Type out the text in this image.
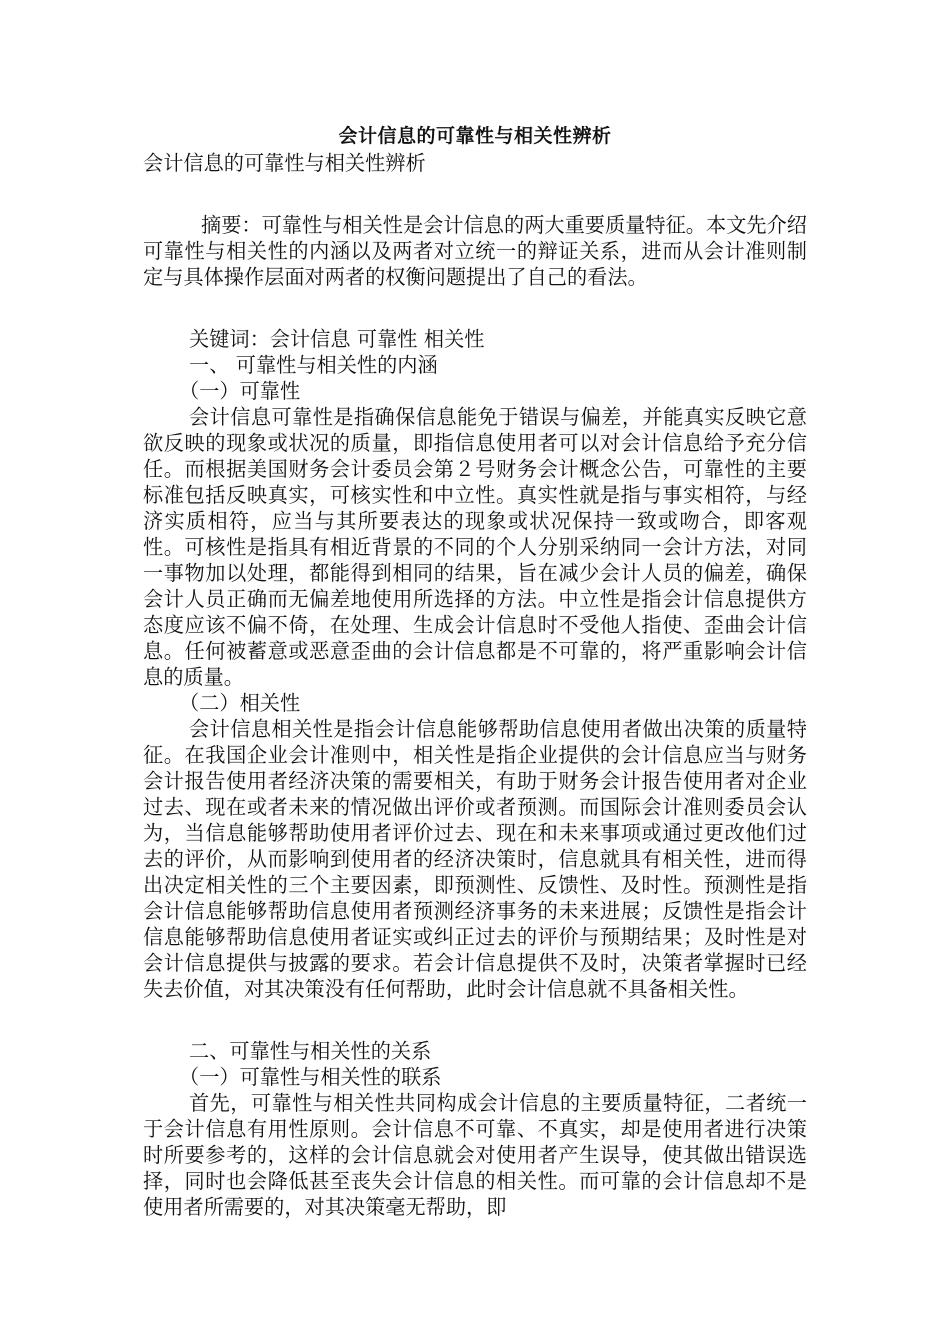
会计信息的可靠性与相关性辨析
会计信息的可靠性与相关性辨析

摘要：可靠性与相关性是会计信息的两大重要质量特征。本文先介绍可靠性与相关性的内涵以及两者对立统一的辩证关系，进而从会计准则制定与具体操作层面对两者的权衡问题提出了自己的看法。

关键词：会计信息 可靠性 相关性

一、 可靠性与相关性的内涵

（一）可靠性

会计信息可靠性是指确保信息能免于错误与偏差，并能真实反映它意欲反映的现象或状况的质量，即指信息使用者可以对会计信息给予充分信任。而根据美国财务会计委员会第２号财务会计概念公告，可靠性的主要标准包括反映真实，可核实性和中立性。真实性就是指与事实相符，与经济实质相符，应当与其所要表达的现象或状况保持一致或吻合，即客观性。可核性是指具有相近背景的不同的个人分别采纳同一会计方法，对同一事物加以处理，都能得到相同的结果，旨在减少会计人员的偏差，确保会计人员正确而无偏差地使用所选择的方法。中立性是指会计信息提供方态度应该不偏不倚，在处理、生成会计信息时不受他人指使、歪曲会计信息。任何被蓄意或恶意歪曲的会计信息都是不可靠的，将严重影响会计信息的质量。

（二）相关性

会计信息相关性是指会计信息能够帮助信息使用者做出决策的质量特征。在我国企业会计准则中，相关性是指企业提供的会计信息应当与财务会计报告使用者经济决策的需要相关，有助于财务会计报告使用者对企业过去、现在或者未来的情况做出评价或者预测。而国际会计准则委员会认为，当信息能够帮助使用者评价过去、现在和未来事项或通过更改他们过去的评价，从而影响到使用者的经济决策时，信息就具有相关性，进而得出决定相关性的三个主要因素，即预测性、反馈性、及时性。预测性是指会计信息能够帮助信息使用者预测经济事务的未来进展；反馈性是指会计信息能够帮助信息使用者证实或纠正过去的评价与预期结果；及时性是对会计信息提供与披露的要求。若会计信息提供不及时，决策者掌握时已经失去价值，对其决策没有任何帮助，此时会计信息就不具备相关性。

二、可靠性与相关性的关系

（一）可靠性与相关性的联系

首先，可靠性与相关性共同构成会计信息的主要质量特征，二者统一于会计信息有用性原则。会计信息不可靠、不真实，却是使用者进行决策时所要参考的，这样的会计信息就会对使用者产生误导，使其做出错误选择，同时也会降低甚至丧失会计信息的相关性。而可靠的会计信息却不是使用者所需要的，对其决策毫无帮助，即
